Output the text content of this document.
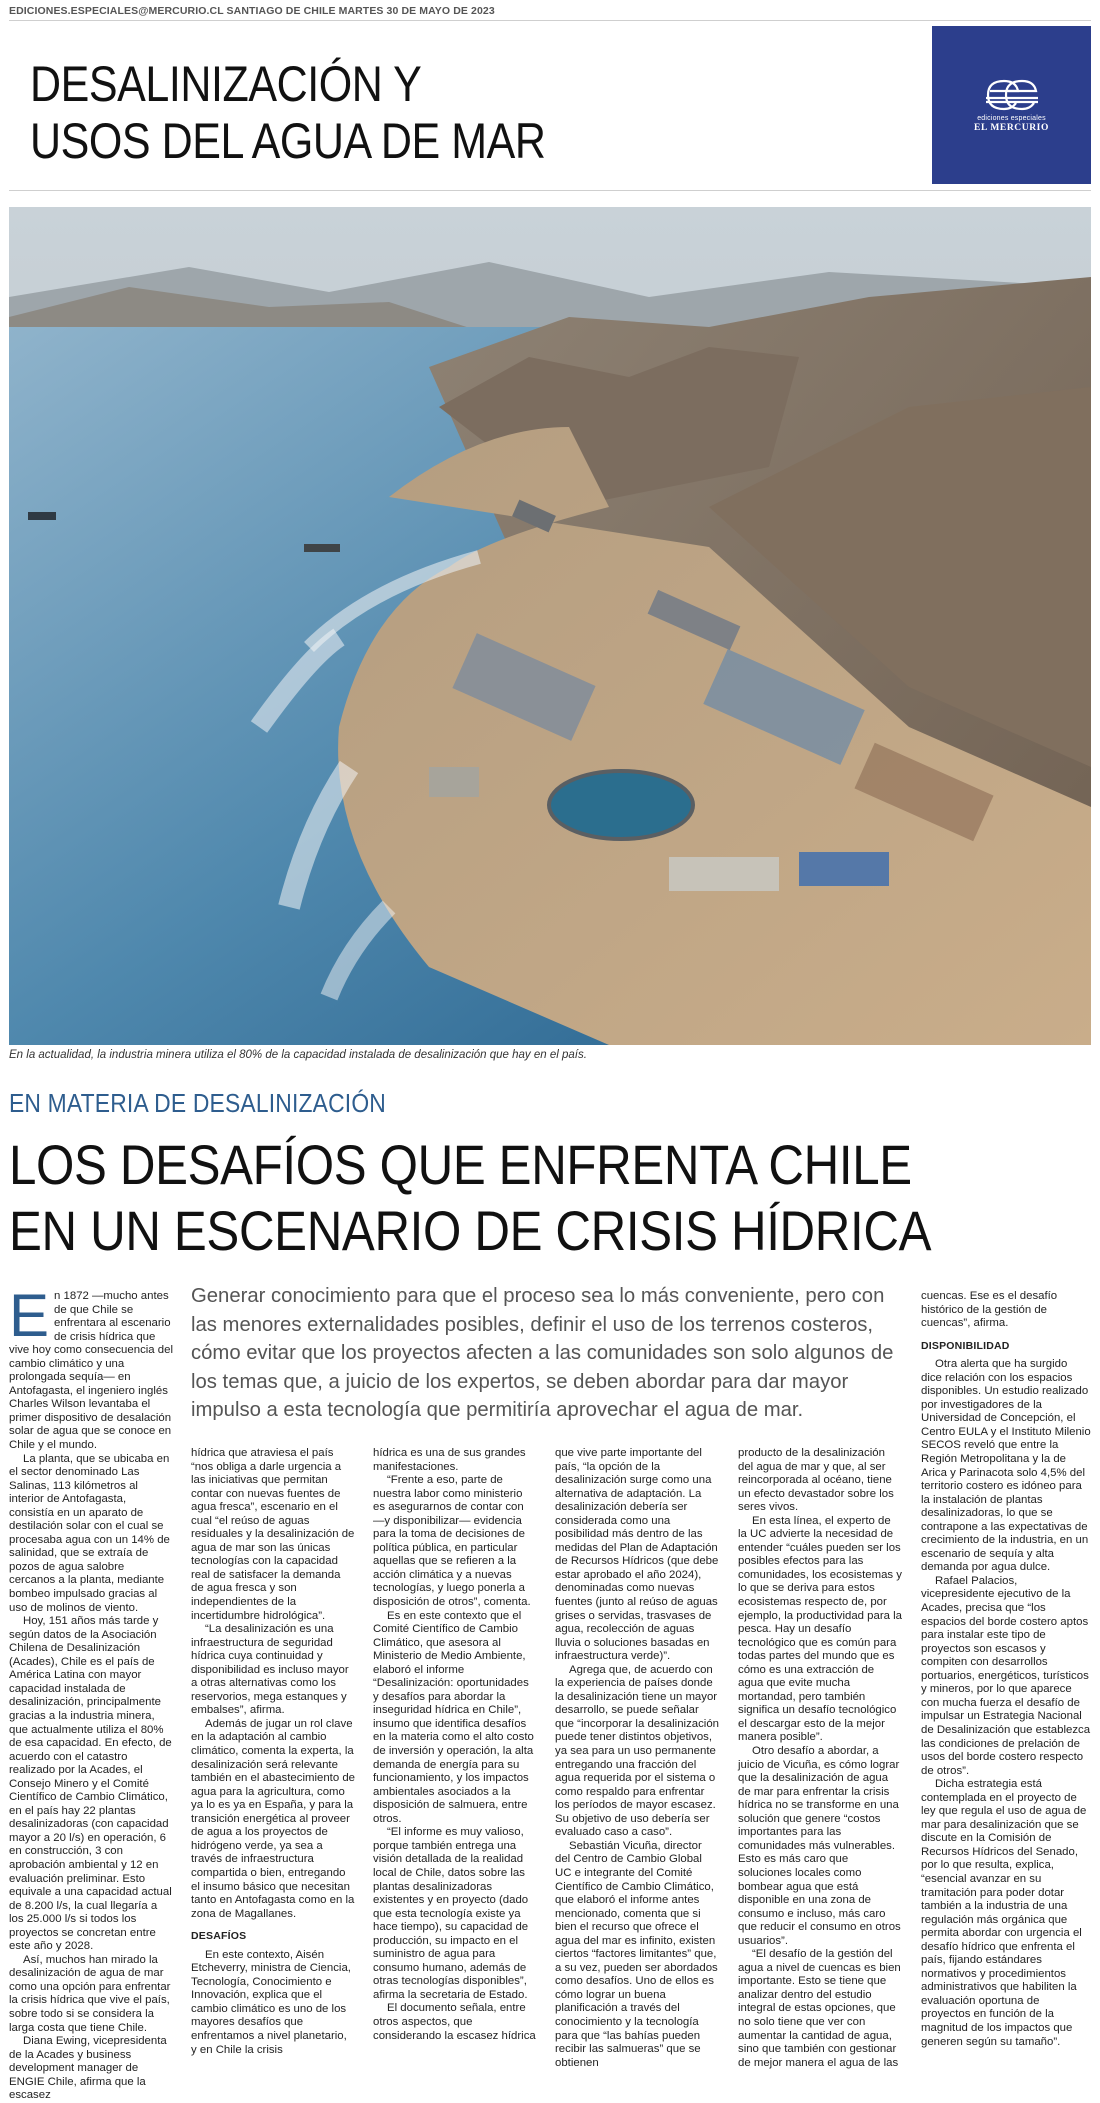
EDICIONES.ESPECIALES@MERCURIO.CL SANTIAGO DE CHILE MARTES 30 DE MAYO DE 2023
DESALINIZACIÓN Y
USOS DEL AGUA DE MAR	ediciones especiales
EL MERCURIO
En la actualidad, la industria minera utiliza el 80% de la capacidad instalada de desalinización que hay en el país.
EN MATERIA DE DESALINIZACIÓN
LOS DESAFÍOS QUE ENFRENTA CHILE
EN UN ESCENARIO DE CRISIS HÍDRICA
Generar conocimiento para que el proceso sea lo más conveniente, pero con las menores externalidades posibles, definir el uso de los terrenos costeros, cómo evitar que los proyectos afecten a las comunidades son solo algunos de los temas que, a juicio de los expertos, se deben abordar para dar mayor impulso a esta tecnología que permitiría aprovechar el agua de mar.

En 1872 —mucho antes de que Chile se enfrentara al escenario de crisis hídrica que vive hoy como consecuencia del cambio climático y una prolongada sequía— en Antofagasta, el ingeniero inglés Charles Wilson levantaba el primer dispositivo de desalación solar de agua que se conoce en Chile y el mundo.

La planta, que se ubicaba en el sector denominado Las Salinas, 113 kilómetros al interior de Antofagasta, consistía en un aparato de destilación solar con el cual se procesaba agua con un 14% de salinidad, que se extraía de pozos de agua salobre cercanos a la planta, mediante bombeo impulsado gracias al uso de molinos de viento.

Hoy, 151 años más tarde y según datos de la Asociación Chilena de Desalinización (Acades), Chile es el país de América Latina con mayor capacidad instalada de desalinización, principalmente gracias a la industria minera, que actualmente utiliza el 80% de esa capacidad. En efecto, de acuerdo con el catastro realizado por la Acades, el Consejo Minero y el Comité Científico de Cambio Climático, en el país hay 22 plantas desalinizadoras (con capacidad mayor a 20 l/s) en operación, 6 en construcción, 3 con aprobación ambiental y 12 en evaluación preliminar. Esto equivale a una capacidad actual de 8.200 l/s, la cual llegaría a los 25.000 l/s si todos los proyectos se concretan entre este año y 2028.

Así, muchos han mirado la desalinización de agua de mar como una opción para enfrentar la crisis hídrica que vive el país, sobre todo si se considera la larga costa que tiene Chile.

Diana Ewing, vicepresidenta de la Acades y business development manager de ENGIE Chile, afirma que la escasez

hídrica que atraviesa el país “nos obliga a darle urgencia a las iniciativas que permitan contar con nuevas fuentes de agua fresca”, escenario en el cual “el reúso de aguas residuales y la desalinización de agua de mar son las únicas tecnologías con la capacidad real de satisfacer la demanda de agua fresca y son independientes de la incertidumbre hidrológica”.

“La desalinización es una infraestructura de seguridad hídrica cuya continuidad y disponibilidad es incluso mayor a otras alternativas como los reservorios, mega estanques y embalses”, afirma.

Además de jugar un rol clave en la adaptación al cambio climático, comenta la experta, la desalinización será relevante también en el abastecimiento de agua para la agricultura, como ya lo es ya en España, y para la transición energética al proveer de agua a los proyectos de hidrógeno verde, ya sea a través de infraestructura compartida o bien, entregando el insumo básico que necesitan tanto en Antofagasta como en la zona de Magallanes.

DESAFÍOS

En este contexto, Aisén Etcheverry, ministra de Ciencia, Tecnología, Conocimiento e Innovación, explica que el cambio climático es uno de los mayores desafíos que enfrentamos a nivel planetario, y en Chile la crisis

hídrica es una de sus grandes manifestaciones.

“Frente a eso, parte de nuestra labor como ministerio es asegurarnos de contar con —y disponibilizar— evidencia para la toma de decisiones de política pública, en particular aquellas que se refieren a la acción climática y a nuevas tecnologías, y luego ponerla a disposición de otros”, comenta.

Es en este contexto que el Comité Científico de Cambio Climático, que asesora al Ministerio de Medio Ambiente, elaboró el informe “Desalinización: oportunidades y desafíos para abordar la inseguridad hídrica en Chile”, insumo que identifica desafíos en la materia como el alto costo de inversión y operación, la alta demanda de energía para su funcionamiento, y los impactos ambientales asociados a la disposición de salmuera, entre otros.

“El informe es muy valioso, porque también entrega una visión detallada de la realidad local de Chile, datos sobre las plantas desalinizadoras existentes y en proyecto (dado que esta tecnología existe ya hace tiempo), su capacidad de producción, su impacto en el suministro de agua para consumo humano, además de otras tecnologías disponibles”, afirma la secretaria de Estado.

El documento señala, entre otros aspectos, que considerando la escasez hídrica

que vive parte importante del país, “la opción de la desalinización surge como una alternativa de adaptación. La desalinización debería ser considerada como una posibilidad más dentro de las medidas del Plan de Adaptación de Recursos Hídricos (que debe estar aprobado el año 2024), denominadas como nuevas fuentes (junto al reúso de aguas grises o servidas, trasvases de agua, recolección de aguas lluvia o soluciones basadas en infraestructura verde)”.

Agrega que, de acuerdo con la experiencia de países donde la desalinización tiene un mayor desarrollo, se puede señalar que “incorporar la desalinización puede tener distintos objetivos, ya sea para un uso permanente entregando una fracción del agua requerida por el sistema o como respaldo para enfrentar los períodos de mayor escasez. Su objetivo de uso debería ser evaluado caso a caso”.

Sebastián Vicuña, director del Centro de Cambio Global UC e integrante del Comité Científico de Cambio Climático, que elaboró el informe antes mencionado, comenta que si bien el recurso que ofrece el agua del mar es infinito, existen ciertos “factores limitantes” que, a su vez, pueden ser abordados como desafíos. Uno de ellos es cómo lograr un buena planificación a través del conocimiento y la tecnología para que “las bahías pueden recibir las salmueras” que se obtienen

producto de la desalinización del agua de mar y que, al ser reincorporada al océano, tiene un efecto devastador sobre los seres vivos.

En esta línea, el experto de la UC advierte la necesidad de entender “cuáles pueden ser los posibles efectos para las comunidades, los ecosistemas y lo que se deriva para estos ecosistemas respecto de, por ejemplo, la productividad para la pesca. Hay un desafío tecnológico que es común para todas partes del mundo que es cómo es una extracción de agua que evite mucha mortandad, pero también significa un desafío tecnológico el descargar esto de la mejor manera posible”.

Otro desafío a abordar, a juicio de Vicuña, es cómo lograr que la desalinización de agua de mar para enfrentar la crisis hídrica no se transforme en una solución que genere “costos importantes para las comunidades más vulnerables. Esto es más caro que soluciones locales como bombear agua que está disponible en una zona de consumo e incluso, más caro que reducir el consumo en otros usuarios”.

“El desafío de la gestión del agua a nivel de cuencas es bien importante. Esto se tiene que analizar dentro del estudio integral de estas opciones, que no solo tiene que ver con aumentar la cantidad de agua, sino que también con gestionar de mejor manera el agua de las

cuencas. Ese es el desafío histórico de la gestión de cuencas”, afirma.

DISPONIBILIDAD

Otra alerta que ha surgido dice relación con los espacios disponibles. Un estudio realizado por investigadores de la Universidad de Concepción, el Centro EULA y el Instituto Milenio SECOS reveló que entre la Región Metropolitana y la de Arica y Parinacota solo 4,5% del territorio costero es idóneo para la instalación de plantas desalinizadoras, lo que se contrapone a las expectativas de crecimiento de la industria, en un escenario de sequía y alta demanda por agua dulce.

Rafael Palacios, vicepresidente ejecutivo de la Acades, precisa que “los espacios del borde costero aptos para instalar este tipo de proyectos son escasos y compiten con desarrollos portuarios, energéticos, turísticos y mineros, por lo que aparece con mucha fuerza el desafío de impulsar un Estrategia Nacional de Desalinización que establezca las condiciones de prelación de usos del borde costero respecto de otros”.

Dicha estrategia está contemplada en el proyecto de ley que regula el uso de agua de mar para desalinización que se discute en la Comisión de Recursos Hídricos del Senado, por lo que resulta, explica, “esencial avanzar en su tramitación para poder dotar también a la industria de una regulación más orgánica que permita abordar con urgencia el desafío hídrico que enfrenta el país, fijando estándares normativos y procedimientos administrativos que habiliten la evaluación oportuna de proyectos en función de la magnitud de los impactos que generen según su tamaño”.
